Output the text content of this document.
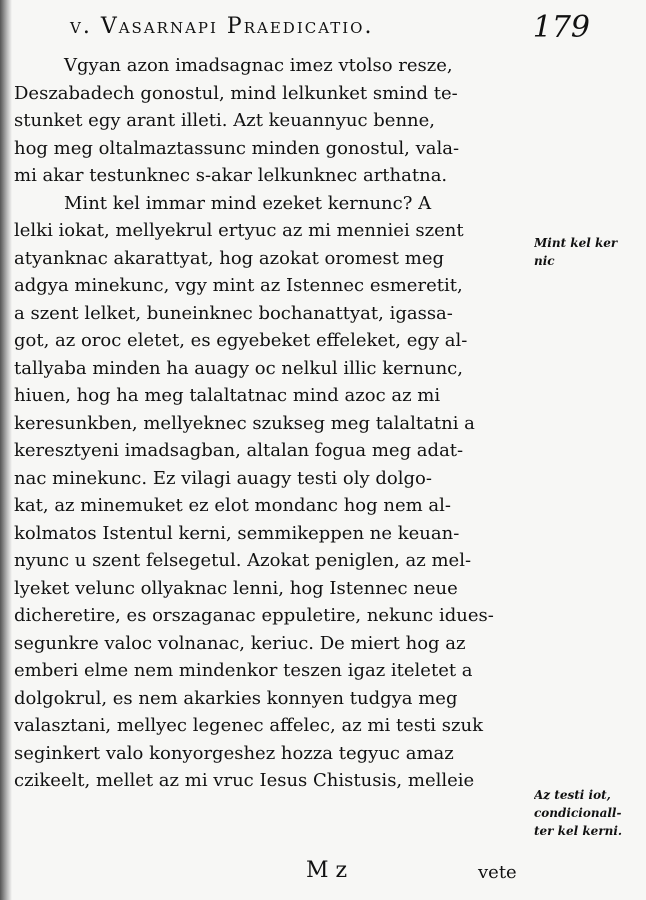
v. Vasarnapi Praedicatio.	179
Vgyan azon imadsagnac imez vtolso resze,
Deszabadech gonostul, mind lelkunket smind te-
stunket egy arant illeti. Azt keuannyuc benne,
hog meg oltalmaztassunc minden gonostul, vala-
mi akar testunknec s-akar lelkunknec arthatna.
Mint kel immar mind ezeket kernunc? A
lelki iokat, mellyekrul ertyuc az mi menniei szent
atyanknac akarattyat, hog azokat oromest meg
adgya minekunc, vgy mint az Istennec esmeretit,
a szent lelket, buneinknec bochanattyat, igassa-
got, az oroc eletet, es egyebeket effeleket, egy al-
tallyaba minden ha auagy oc nelkul illic kernunc,
hiuen, hog ha meg talaltatnac mind azoc az mi
keresunkben, mellyeknec szukseg meg talaltatni a
keresztyeni imadsagban, altalan fogua meg adat-
nac minekunc. Ez vilagi auagy testi oly dolgo-
kat, az minemuket ez elot mondanc hog nem al-
kolmatos Istentul kerni, semmikeppen ne keuan-
nyunc u szent felsegetul. Azokat peniglen, az mel-
lyeket velunc ollyaknac lenni, hog Istennec neue
dicheretire, es orszaganac eppuletire, nekunc idues-
segunkre valoc volnanac, keriuc. De miert hog az
emberi elme nem mindenkor teszen igaz iteletet a
dolgokrul, es nem akarkies konnyen tudgya meg
valasztani, mellyec legenec affelec, az mi testi szuk
seginkert valo konyorgeshez hozza tegyuc amaz
czikeelt, mellet az mi vruc Iesus Chistusis, melleie
Mint kel ker
nic
Az testi iot,
condicionall-
ter kel kerni.
M z	vete
